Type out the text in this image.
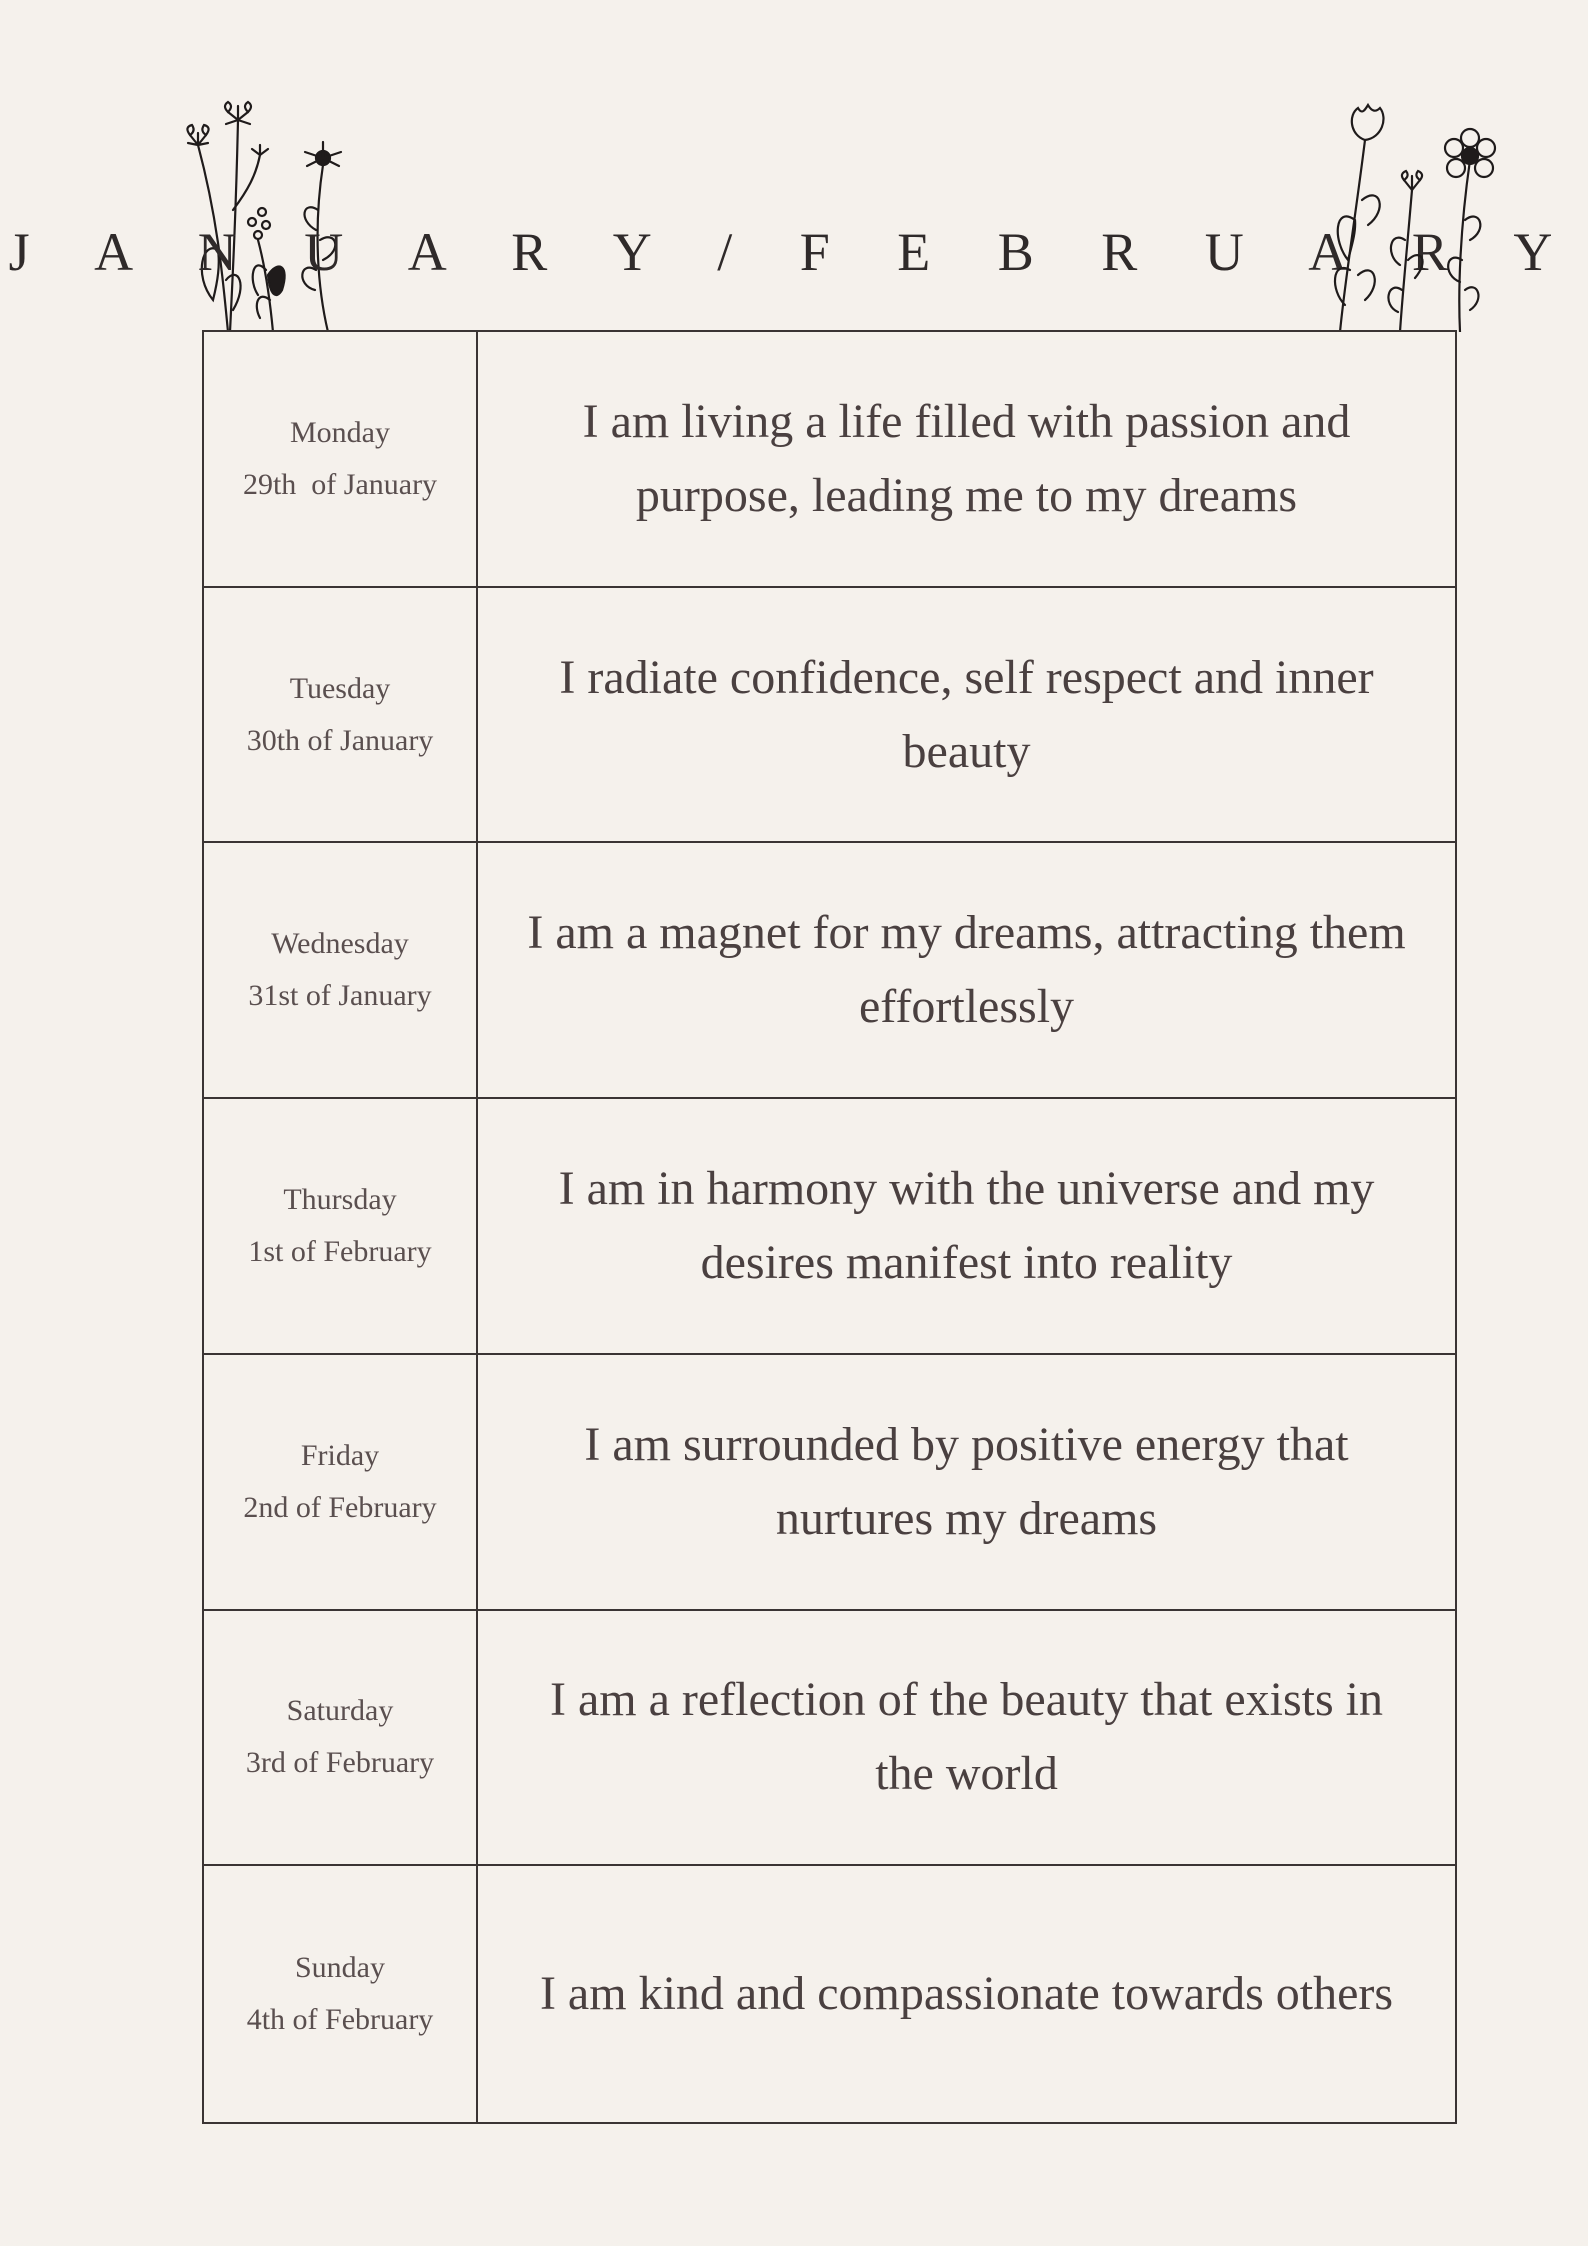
J A N U A R Y / F E B R U A R Y
Monday
29th  of January
I am living a life filled with passion and purpose, leading me to my dreams
Tuesday
30th of January
I radiate confidence, self respect and inner beauty
Wednesday
31st of January
I am a magnet for my dreams, attracting them effortlessly
Thursday
1st of February
I am in harmony with the universe and my desires manifest into reality
Friday
2nd of February
I am surrounded by positive energy that nurtures my dreams
Saturday
3rd of February
I am a reflection of the beauty that exists in the world
Sunday
4th of February	I am kind and compassionate towards others
